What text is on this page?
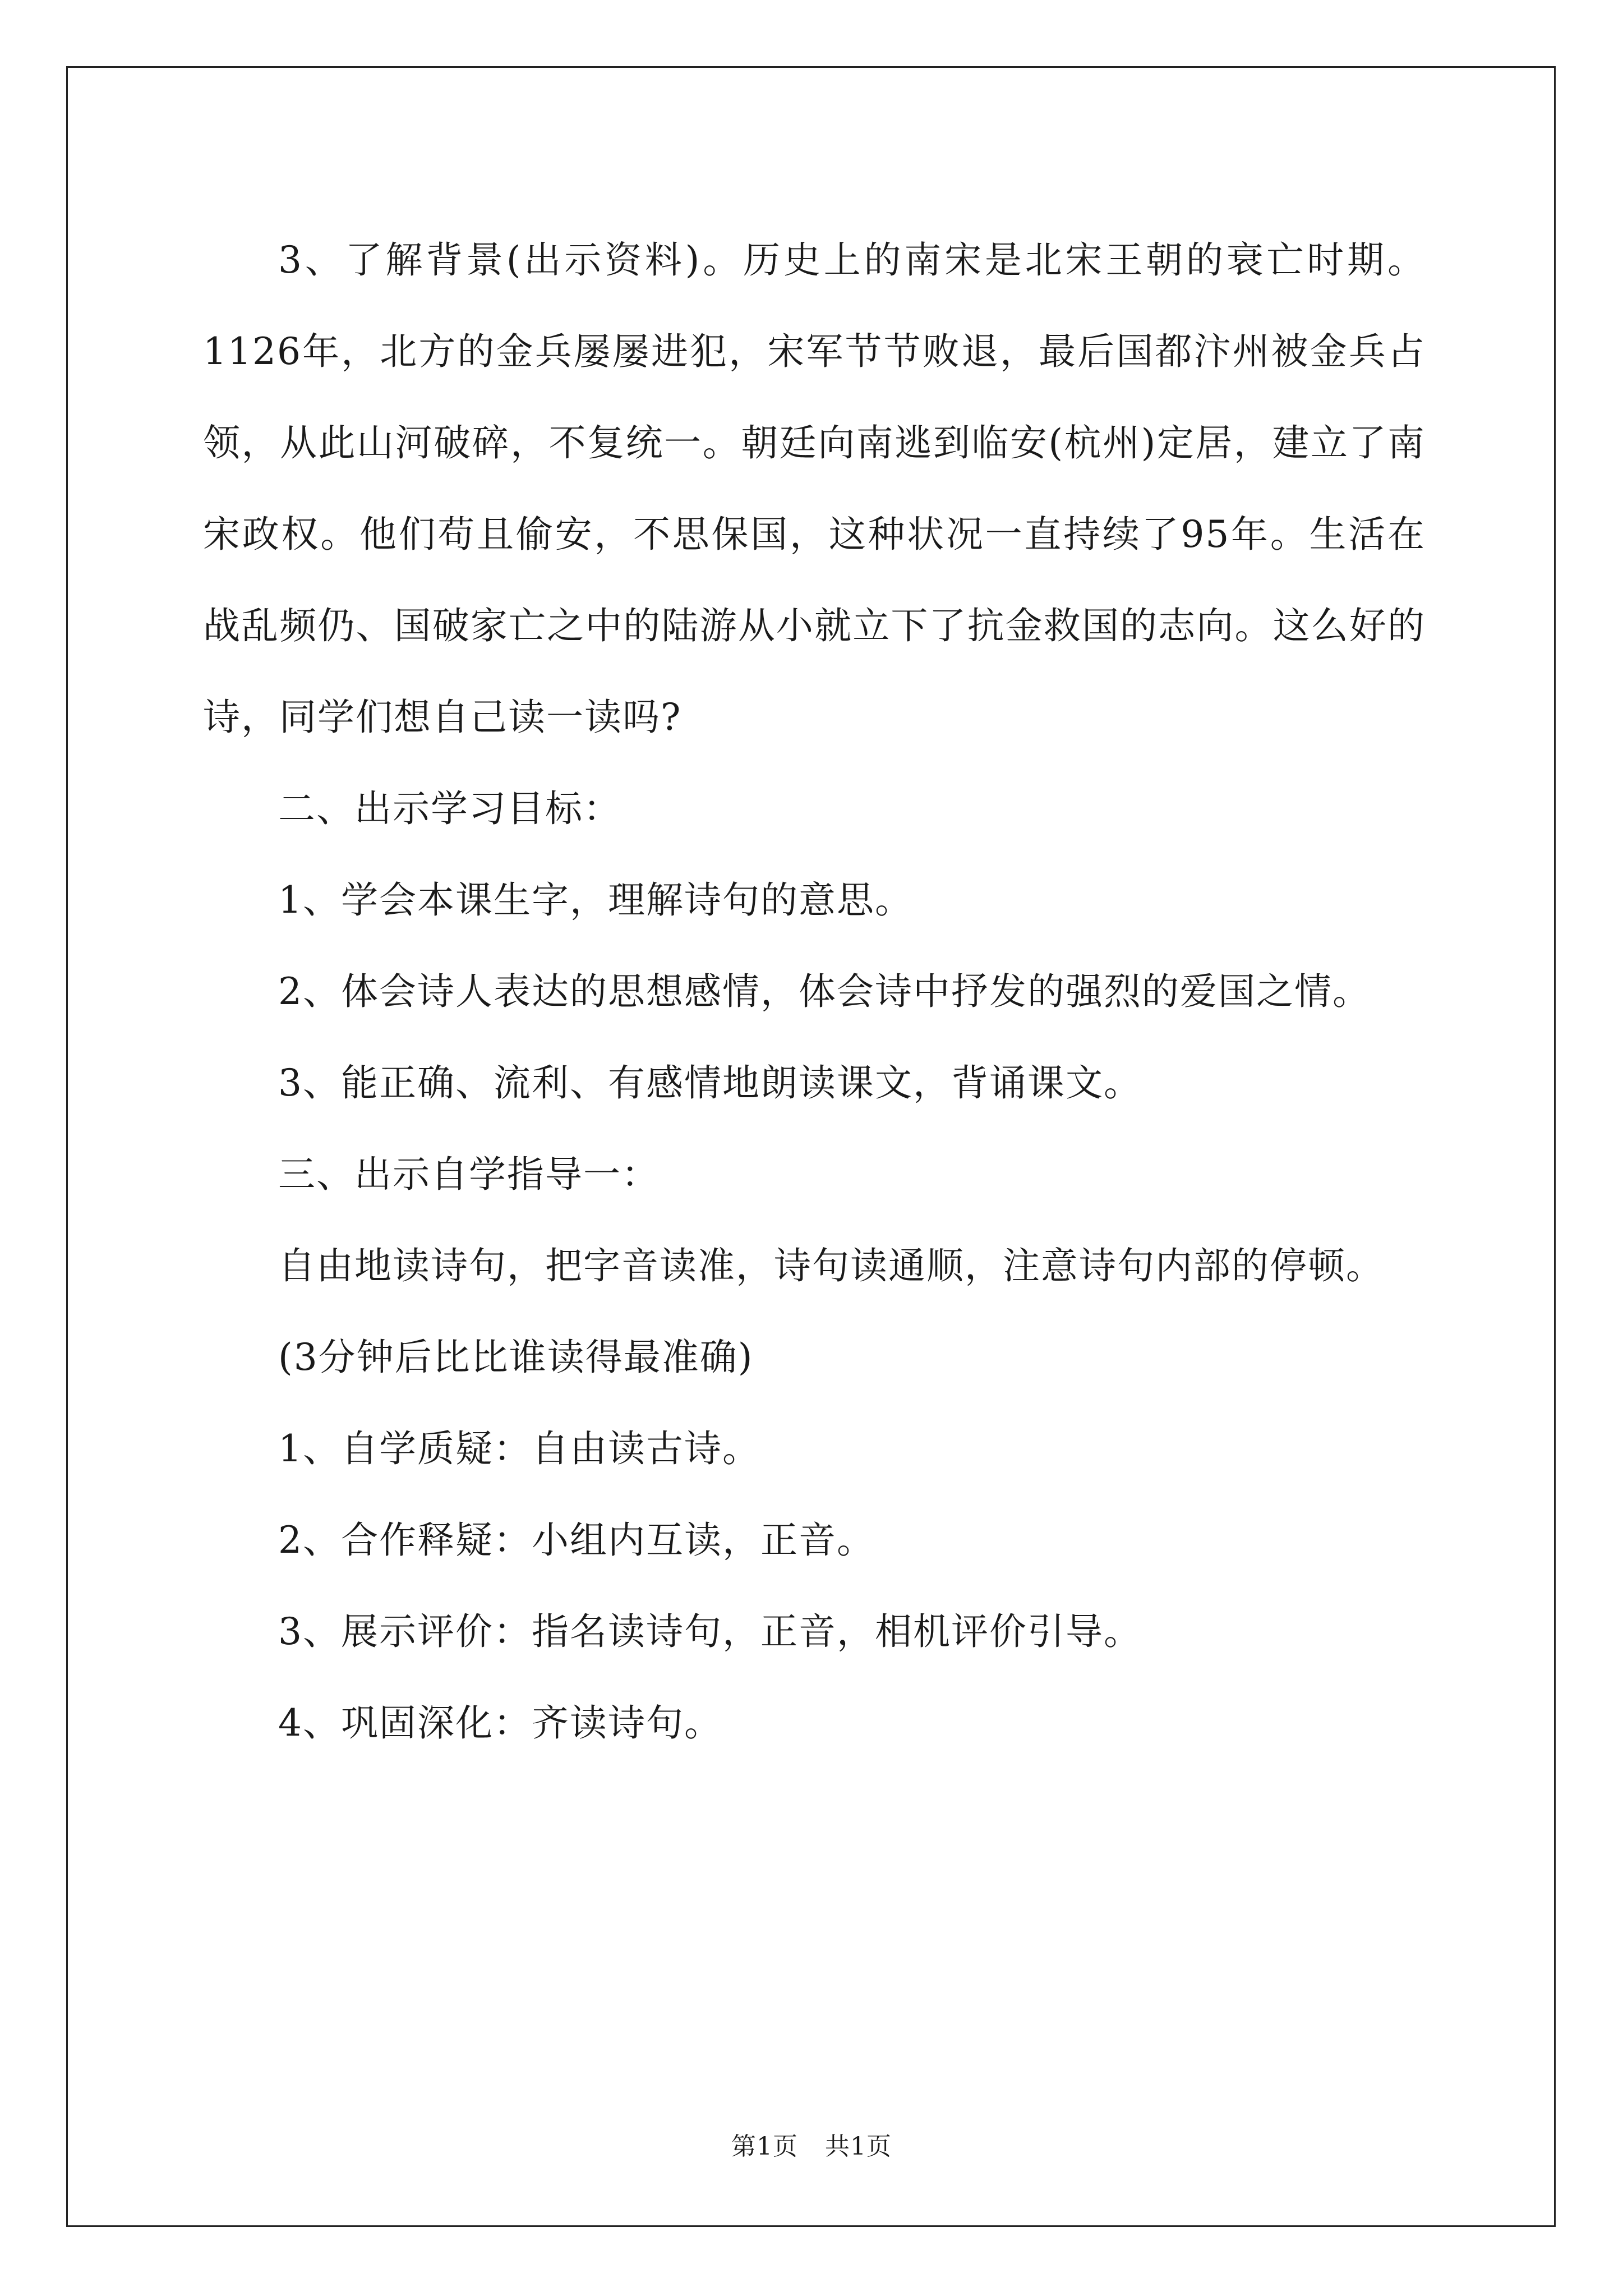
3、了解背景(出示资料)。历史上的南宋是北宋王朝的衰亡时期。1126年，北方的金兵屡屡进犯，宋军节节败退，最后国都汴州被金兵占领，从此山河破碎，不复统一。朝廷向南逃到临安(杭州)定居，建立了南宋政权。他们苟且偷安，不思保国，这种状况一直持续了95年。生活在战乱频仍、国破家亡之中的陆游从小就立下了抗金救国的志向。这么好的诗，同学们想自己读一读吗?

二、出示学习目标：

1、学会本课生字，理解诗句的意思。

2、体会诗人表达的思想感情，体会诗中抒发的强烈的爱国之情。

3、能正确、流利、有感情地朗读课文，背诵课文。

三、出示自学指导一：

自由地读诗句，把字音读准，诗句读通顺，注意诗句内部的停顿。

(3分钟后比比谁读得最准确)

1、自学质疑：自由读古诗。

2、合作释疑：小组内互读，正音。

3、展示评价：指名读诗句，正音，相机评价引导。

4、巩固深化：齐读诗句。

第1页 共1页
